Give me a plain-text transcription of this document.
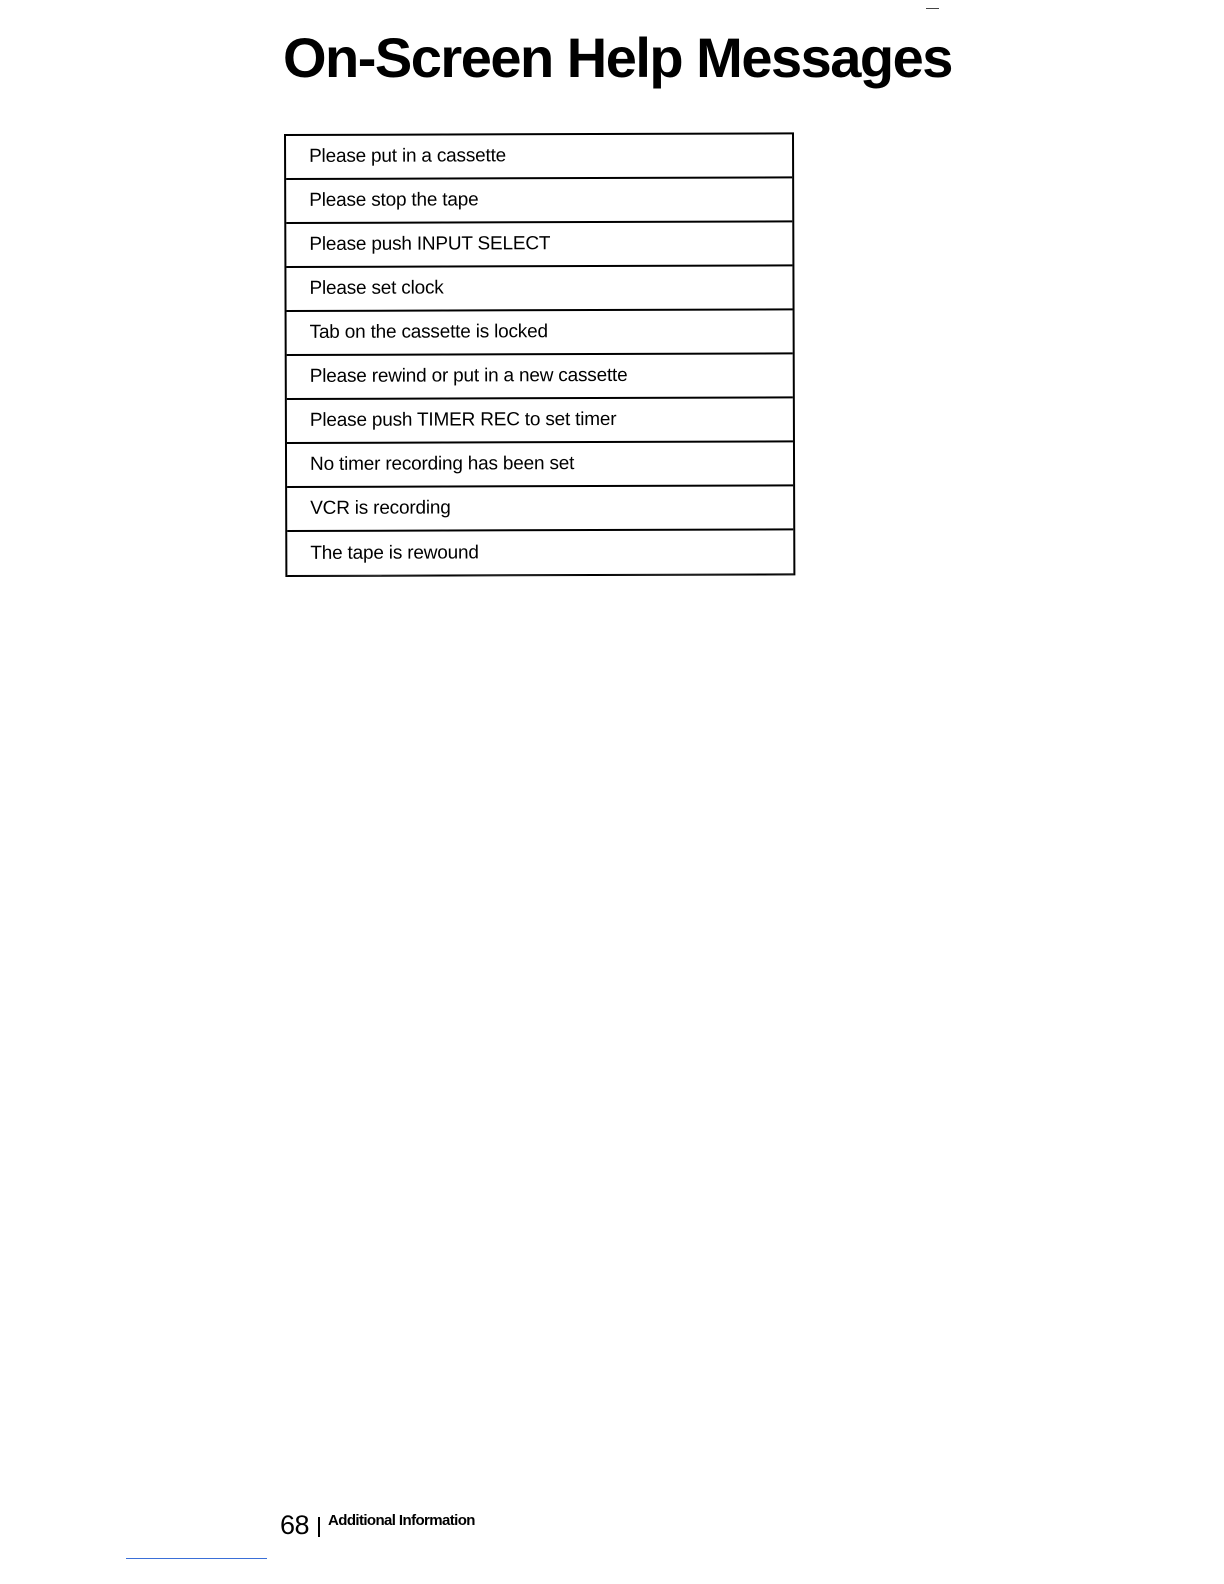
On-Screen Help Messages
Please put in a cassette
Please stop the tape
Please push INPUT SELECT
Please set clock
Tab on the cassette is locked
Please rewind or put in a new cassette
Please push TIMER REC to set timer
No timer recording has been set
VCR is recording
The tape is rewound
68 Additional Information
